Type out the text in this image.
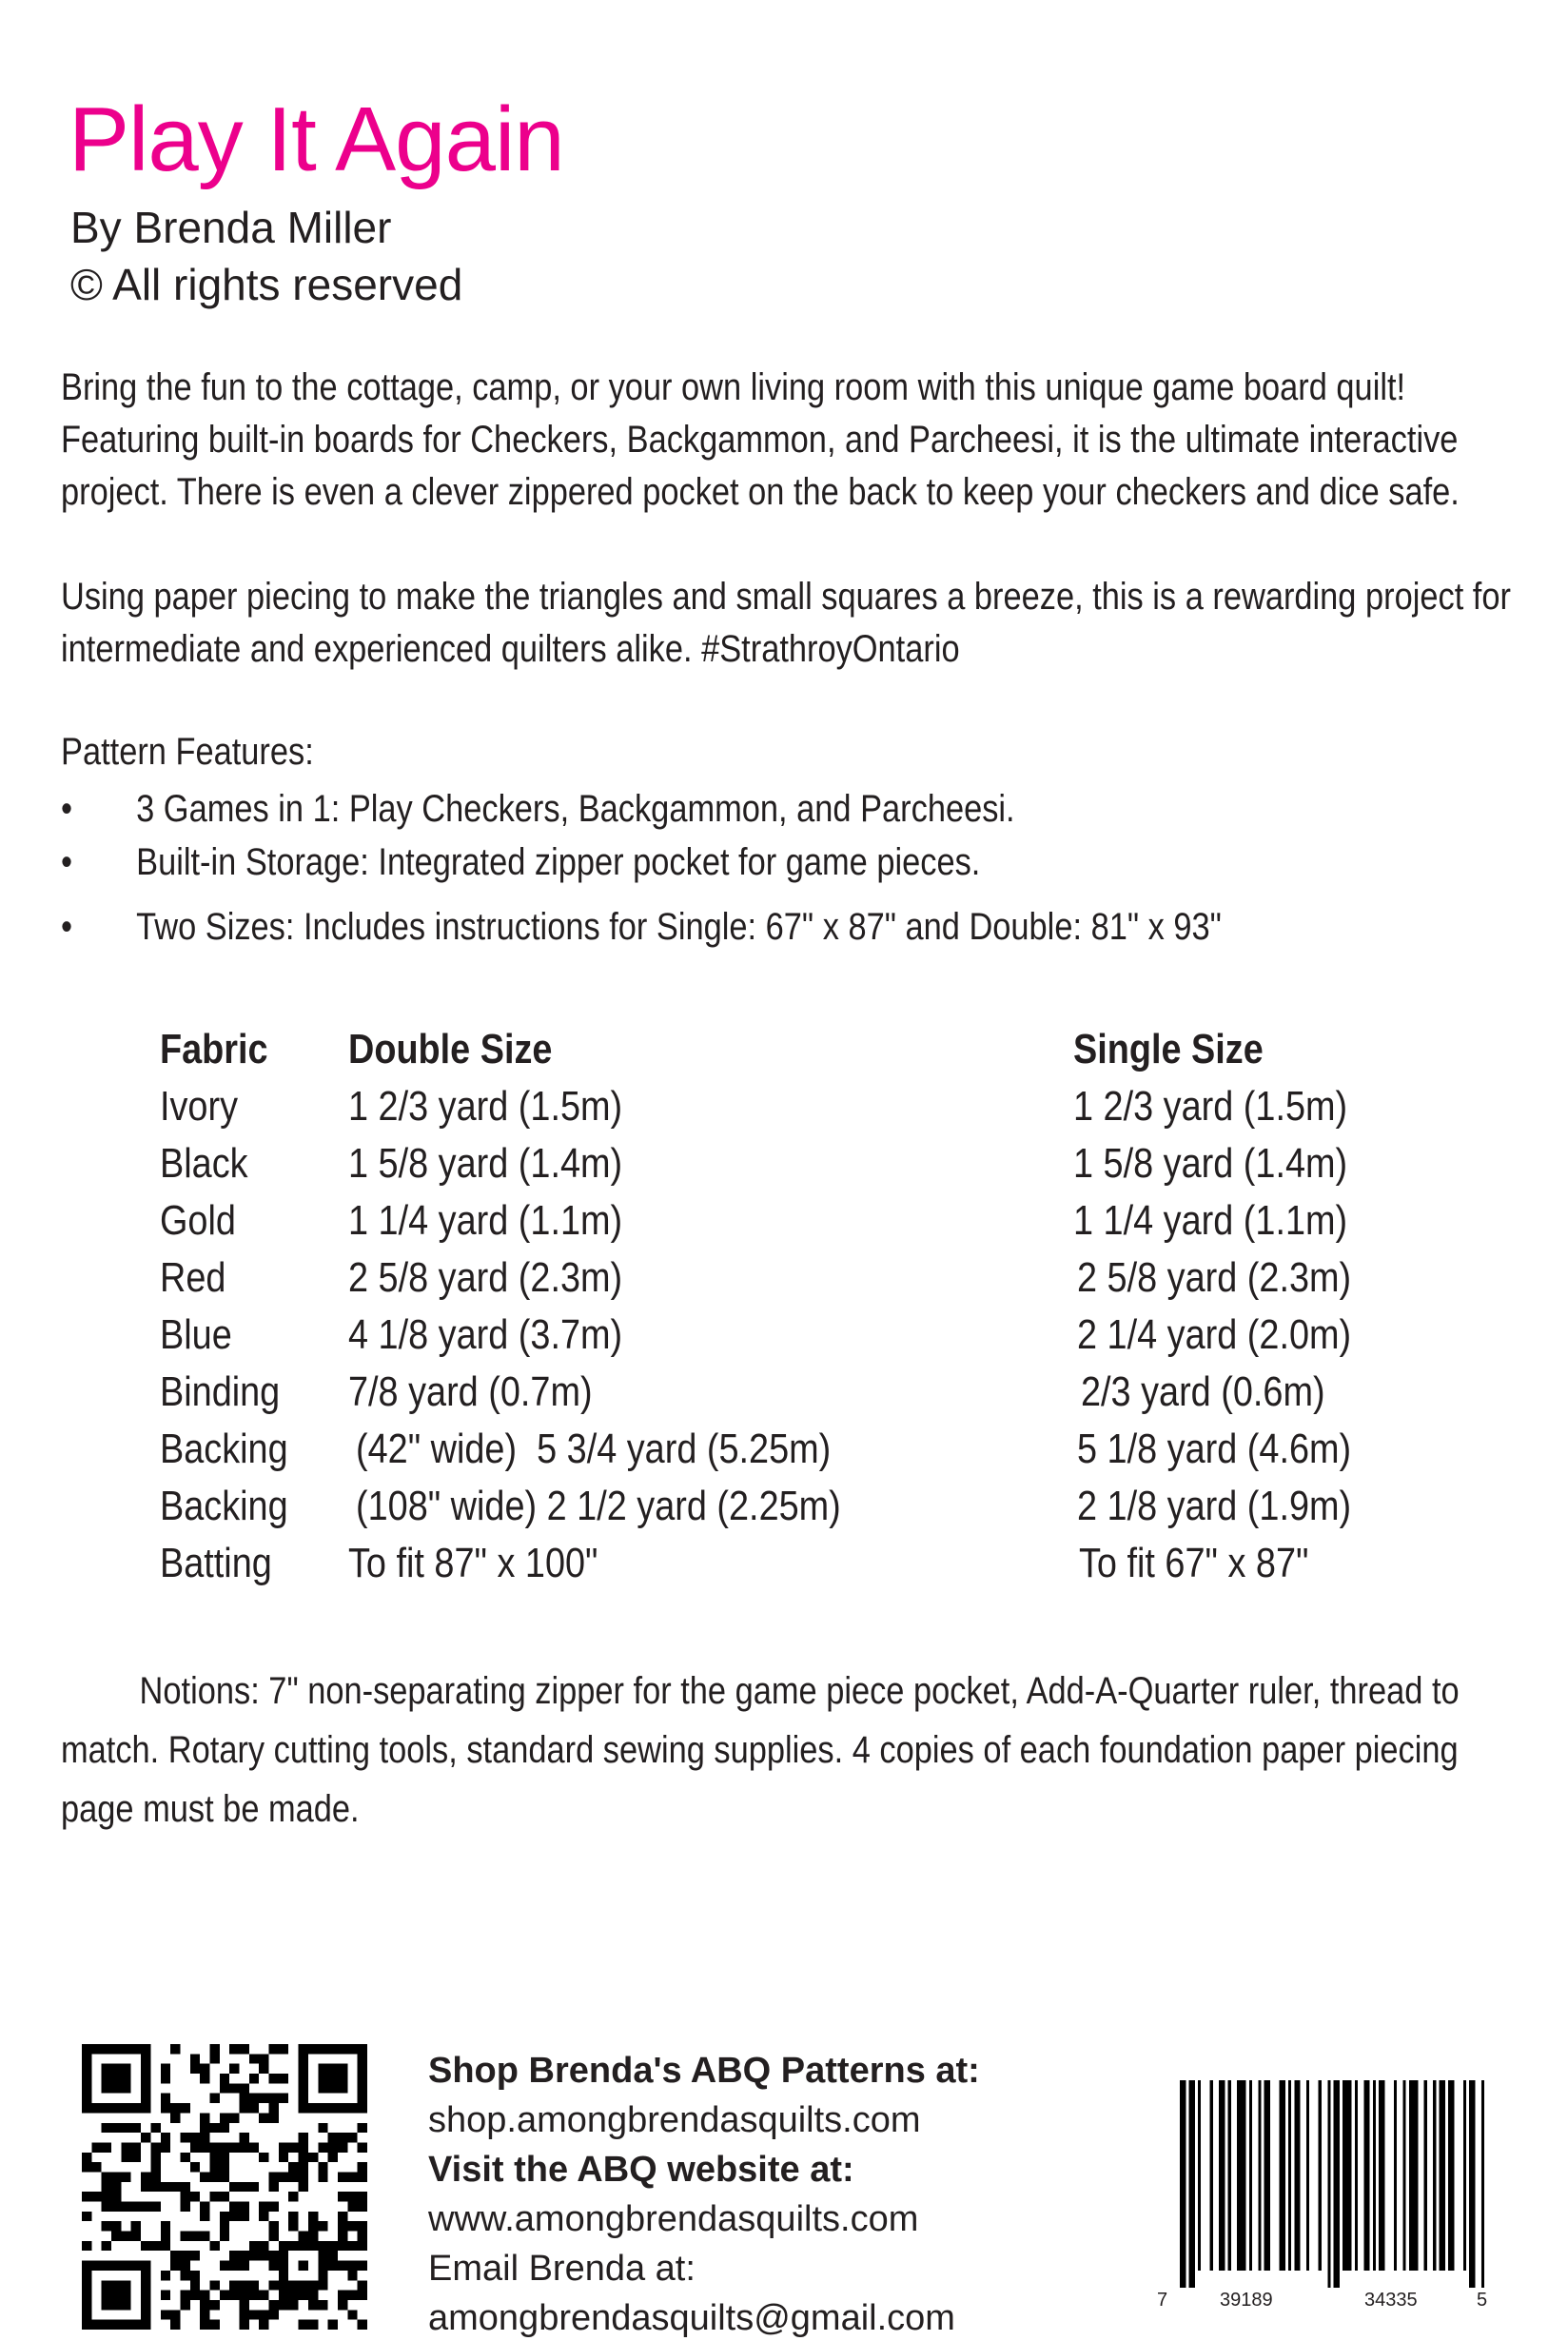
Play It Again
By Brenda Miller
© All rights reserved

Bring the fun to the cottage, camp, or your own living room with this unique game board quilt! Featuring built-in boards for Checkers, Backgammon, and Parcheesi, it is the ultimate interactive project. There is even a clever zippered pocket on the back to keep your checkers and dice safe.

Using paper piecing to make the triangles and small squares a breeze, this is a rewarding project for intermediate and experienced quilters alike. #StrathroyOntario

Pattern Features:
• 3 Games in 1: Play Checkers, Backgammon, and Parcheesi.
• Built-in Storage: Integrated zipper pocket for game pieces.
• Two Sizes: Includes instructions for Single: 67" x 87" and Double: 81" x 93"
Fabric Double Size	Single Size
Ivory	1 2/3 yard (1.5m)	1 2/3 yard (1.5m)
Black 1 5/8 yard (1.4m)	1 5/8 yard (1.4m)
Gold	1 1/4 yard (1.1m)	1 1/4 yard (1.1m)
Red	2 5/8 yard (2.3m)	2 5/8 yard (2.3m)
Blue	4 1/8 yard (3.7m)	2 1/4 yard (2.0m)
Binding 7/8 yard (0.7m)	2/3 yard (0.6m)
Backing (42" wide)  5 3/4 yard (5.25m)	5 1/8 yard (4.6m)
Backing (108" wide) 2 1/2 yard (2.25m)	2 1/8 yard (1.9m)
Batting To fit 87" x 100"	To fit 67" x 87"

Notions: 7" non-separating zipper for the game piece pocket, Add-A-Quarter ruler, thread to match. Rotary cutting tools, standard sewing supplies. 4 copies of each foundation paper piecing page must be made.

Shop Brenda's ABQ Patterns at:
shop.amongbrendasquilts.com
Visit the ABQ website at:
www.amongbrendasquilts.com
Email Brenda at:
amongbrendasquilts@gmail.com	7	39189	34335	5
